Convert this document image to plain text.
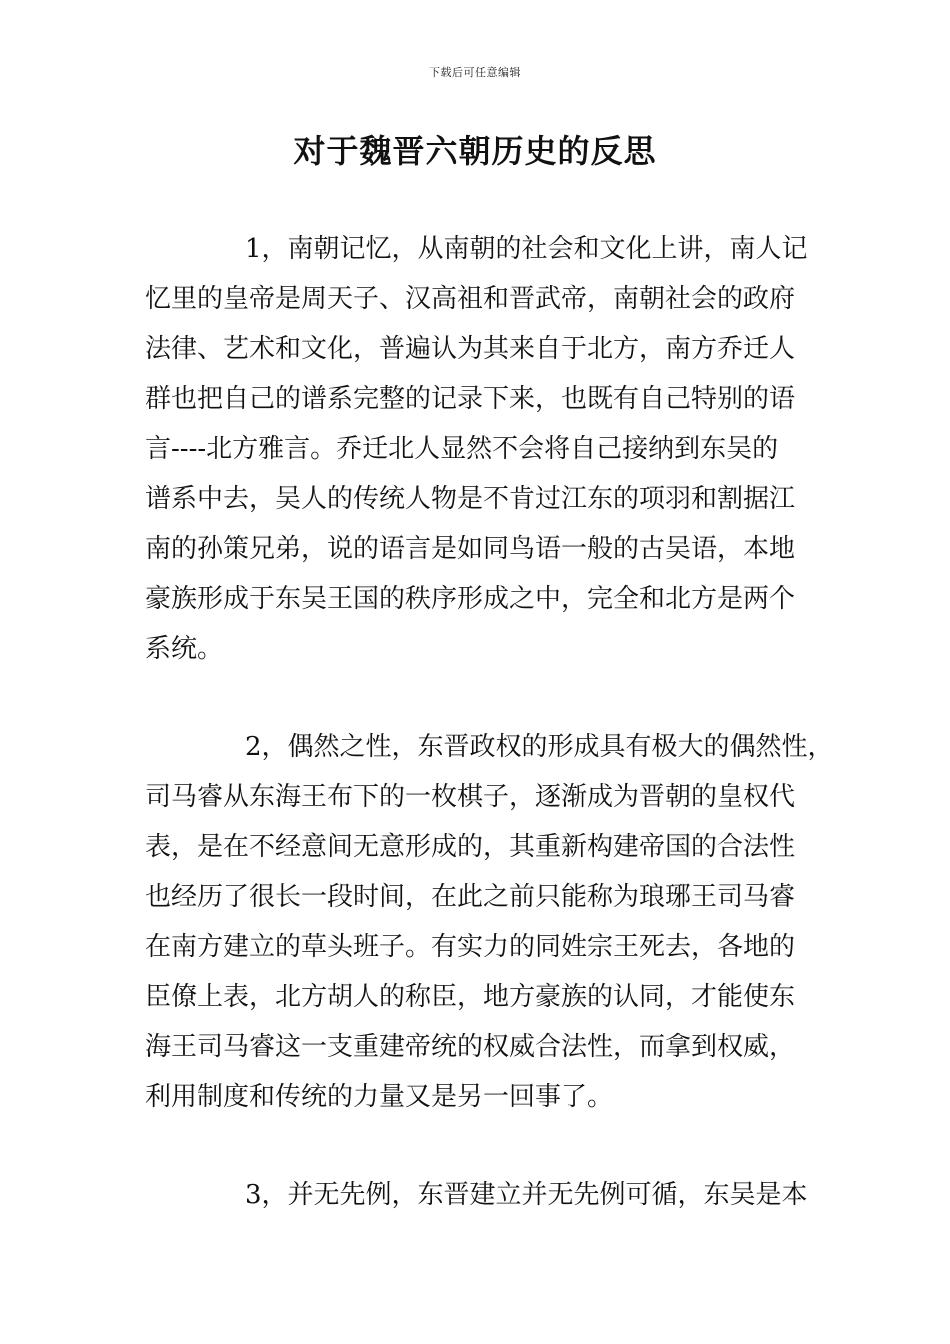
下载后可任意编辑
对于魏晋六朝历史的反思
1，南朝记忆，从南朝的社会和文化上讲，南人记
忆里的皇帝是周天子、汉高祖和晋武帝，南朝社会的政府
法律、艺术和文化，普遍认为其来自于北方，南方乔迁人
群也把自己的谱系完整的记录下来，也既有自己特别的语
言----北方雅言。乔迁北人显然不会将自己接纳到东吴的
谱系中去，吴人的传统人物是不肯过江东的项羽和割据江
南的孙策兄弟，说的语言是如同鸟语一般的古吴语，本地
豪族形成于东吴王国的秩序形成之中，完全和北方是两个
系统。
2，偶然之性，东晋政权的形成具有极大的偶然性，
司马睿从东海王布下的一枚棋子，逐渐成为晋朝的皇权代
表，是在不经意间无意形成的，其重新构建帝国的合法性
也经历了很长一段时间，在此之前只能称为琅琊王司马睿
在南方建立的草头班子。有实力的同姓宗王死去，各地的
臣僚上表，北方胡人的称臣，地方豪族的认同，才能使东
海王司马睿这一支重建帝统的权威合法性，而拿到权威，
利用制度和传统的力量又是另一回事了。
3，并无先例，东晋建立并无先例可循，东吴是本
